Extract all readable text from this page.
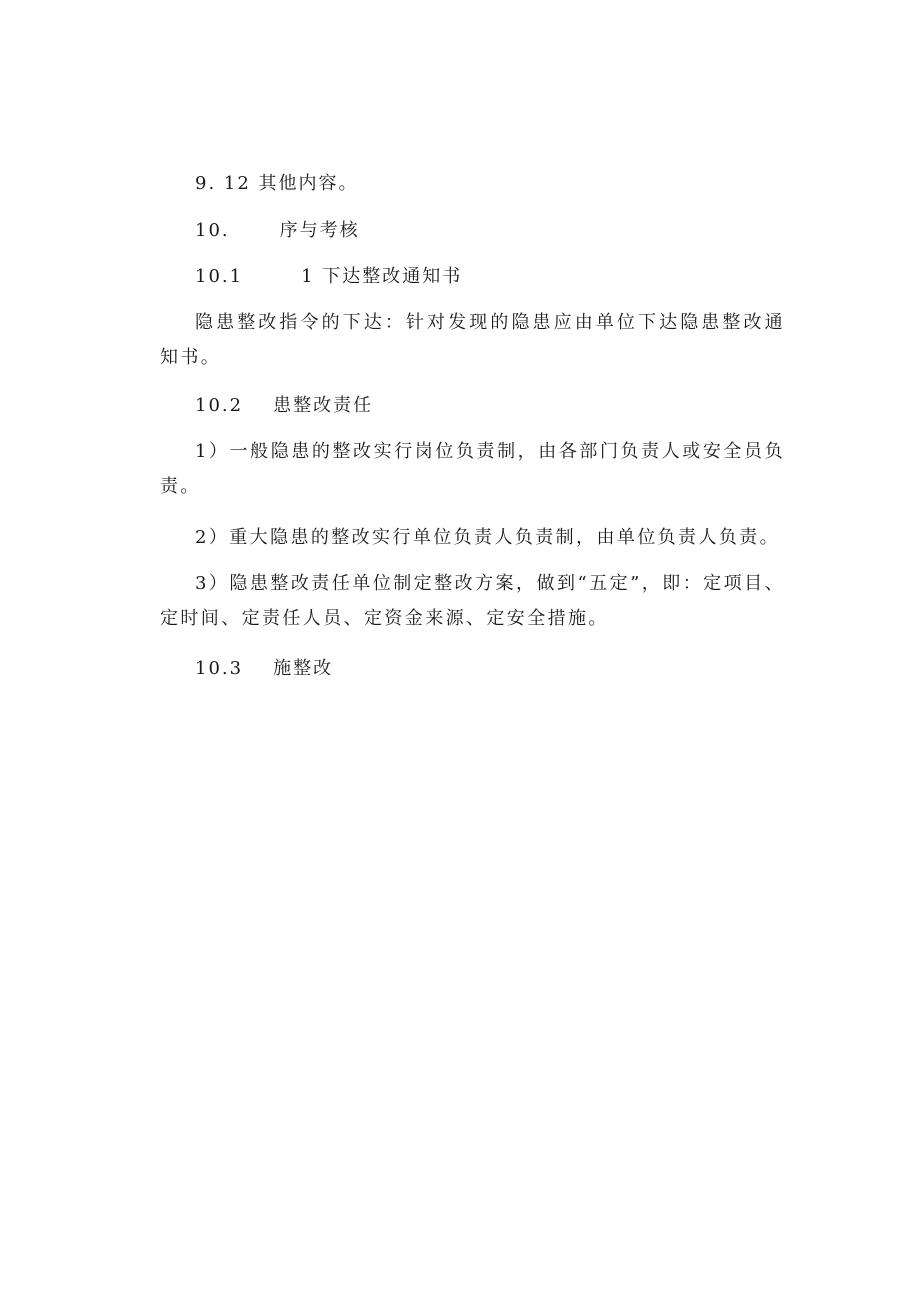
9. 12 其他内容。
10.	序与考核
10.1	1 下达整改通知书
隐患整改指令的下达：针对发现的隐患应由单位下达隐患整改通知书。
10.2 患整改责任
1）一般隐患的整改实行岗位负责制，由各部门负责人或安全员负责。
2）重大隐患的整改实行单位负责人负责制，由单位负责人负责。
3）隐患整改责任单位制定整改方案，做到“五定”，即：定项目、定时间、定责任人员、定资金来源、定安全措施。
10.3 施整改
